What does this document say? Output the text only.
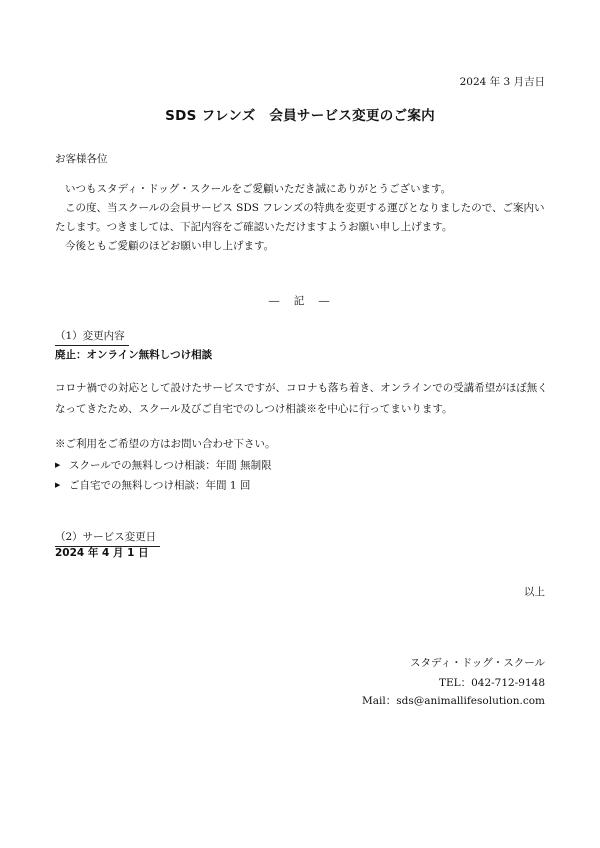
2024 年 3 月吉日
SDS フレンズ　会員サービス変更のご案内
お客様各位
いつもスタディ・ドッグ・スクールをご愛顧いただき誠にありがとうございます。
この度、当スクールの会員サービス SDS フレンズの特典を変更する運びとなりましたので、ご案内いたします。つきましては、下記内容をご確認いただけますようお願い申し上げます。
今後ともご愛顧のほどお願い申し上げます。
―　記　―
（1）変更内容
廃止：オンライン無料しつけ相談
コロナ禍での対応として設けたサービスですが、コロナも落ち着き、オンラインでの受講希望がほぼ無くなってきたため、スクール及びご自宅でのしつけ相談※を中心に行ってまいります。
※ご利用をご希望の方はお問い合わせ下さい。
▶ スクールでの無料しつけ相談：年間 無制限
▶ ご自宅での無料しつけ相談：年間 1 回
（2）サービス変更日
2024 年 4 月 1 日
以上
スタディ・ドッグ・スクール
TEL：042-712-9148
Mail：sds@animallifesolution.com
